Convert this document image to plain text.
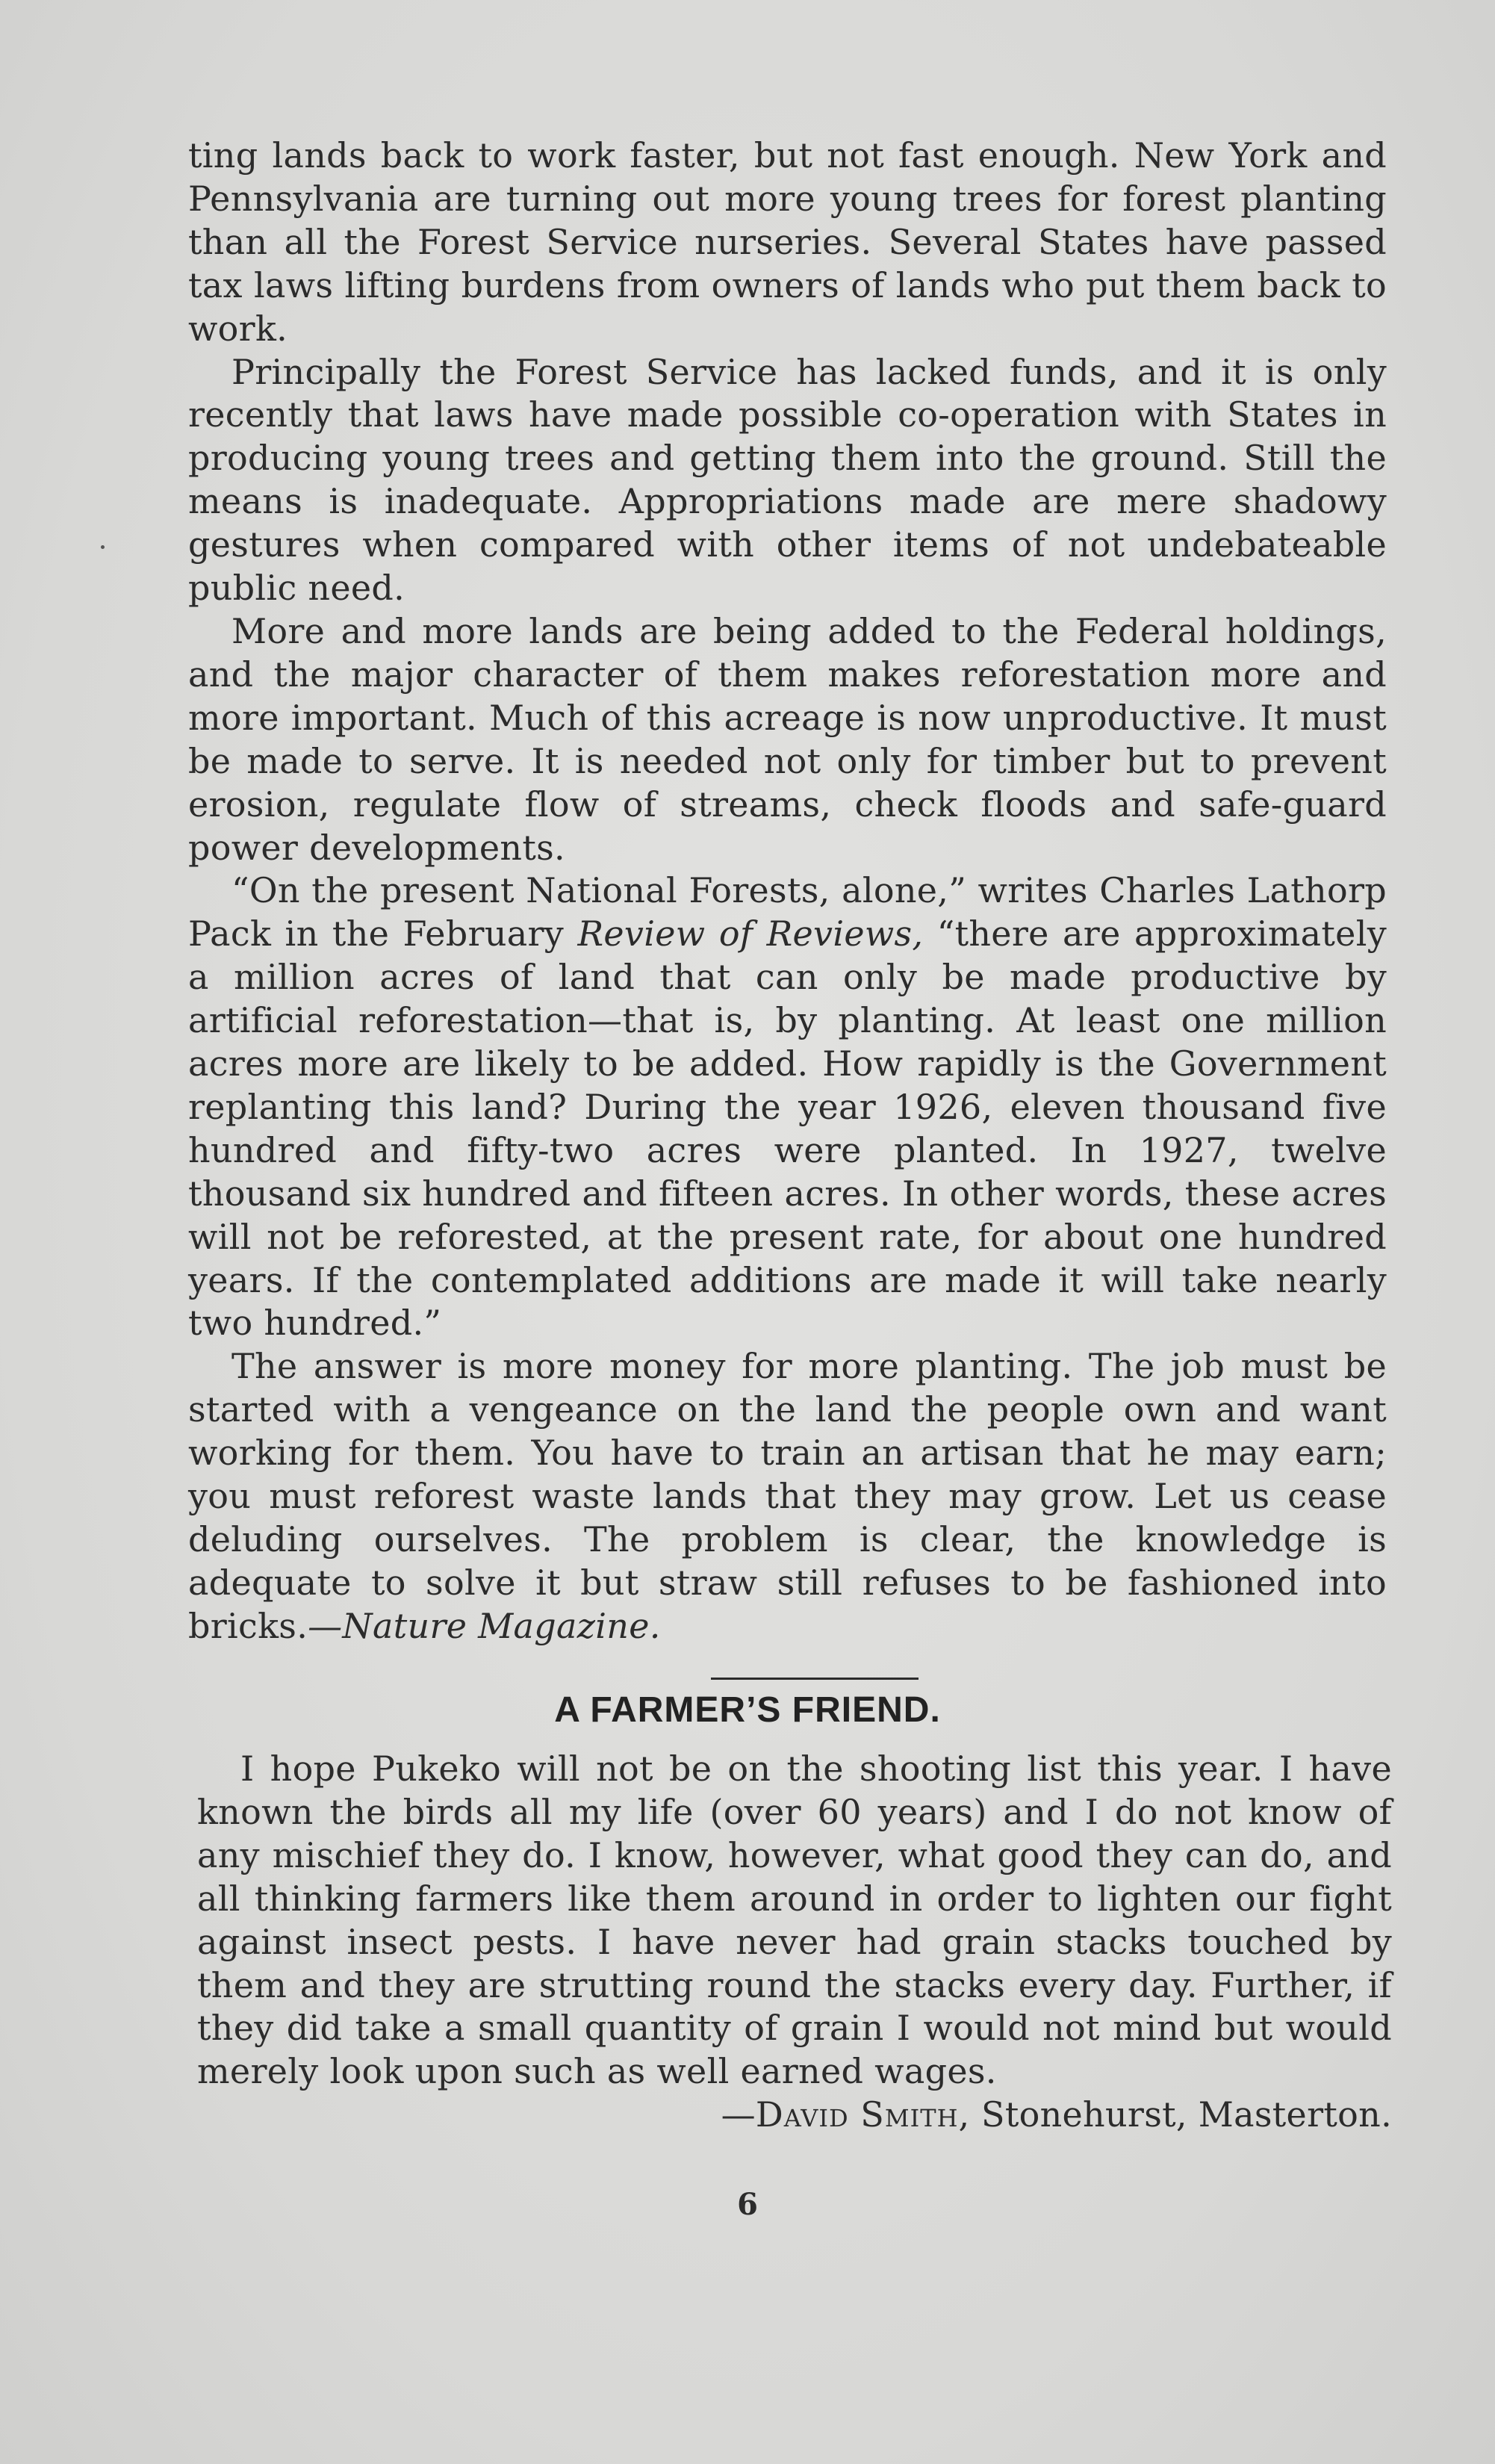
ting lands back to work faster, but not fast enough. New York and Pennsylvania are turning out more young trees for forest planting than all the Forest Service nurseries. Several States have passed tax laws lifting burdens from owners of lands who put them back to work.

Principally the Forest Service has lacked funds, and it is only recently that laws have made possible co-operation with States in producing young trees and getting them into the ground. Still the means is inadequate. Appropriations made are mere shadowy gestures when compared with other items of not undebateable public need.

More and more lands are being added to the Federal holdings, and the major character of them makes reforestation more and more important. Much of this acreage is now unproductive. It must be made to serve. It is needed not only for timber but to prevent erosion, regulate flow of streams, check floods and safe-guard power developments.

“On the present National Forests, alone,” writes Charles Lathorp Pack in the February Review of Reviews, “there are approximately a million acres of land that can only be made productive by artificial reforestation—that is, by planting. At least one million acres more are likely to be added. How rapidly is the Government replanting this land? During the year 1926, eleven thousand five hundred and fifty-two acres were planted. In 1927, twelve thousand six hundred and fifteen acres. In other words, these acres will not be reforested, at the present rate, for about one hundred years. If the contemplated additions are made it will take nearly two hundred.”

The answer is more money for more planting. The job must be started with a vengeance on the land the people own and want working for them. You have to train an artisan that he may earn; you must reforest waste lands that they may grow. Let us cease deluding ourselves. The problem is clear, the knowledge is adequate to solve it but straw still refuses to be fashioned into bricks.—Nature Magazine.

A FARMER’S FRIEND.

I hope Pukeko will not be on the shooting list this year. I have known the birds all my life (over 60 years) and I do not know of any mischief they do. I know, however, what good they can do, and all thinking farmers like them around in order to lighten our fight against insect pests. I have never had grain stacks touched by them and they are strutting round the stacks every day. Further, if they did take a small quantity of grain I would not mind but would merely look upon such as well earned wages.
—David Smith, Stonehurst, Masterton.

6
